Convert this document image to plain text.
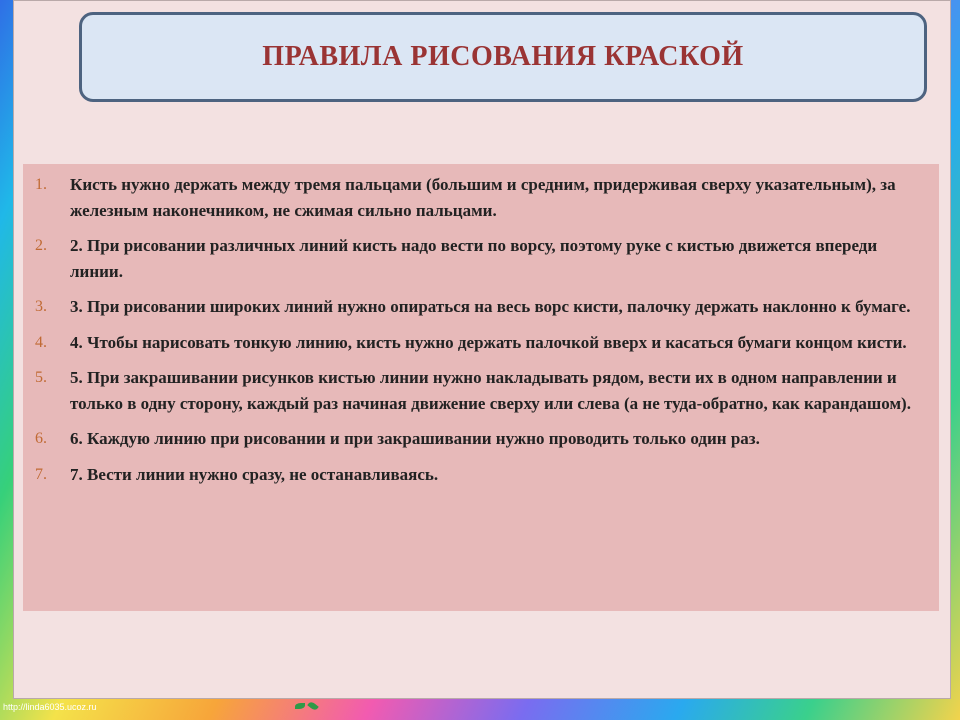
ПРАВИЛА РИСОВАНИЯ КРАСКОЙ
1.	Кисть нужно держать между тремя пальцами (большим и средним, придерживая сверху указательным), за железным наконечником, не сжимая сильно пальцами.
2.	2. При рисовании различных линий кисть надо вести по ворсу, поэтому руке с кистью движется впереди линии.
3.	3. При рисовании широких линий нужно опираться на весь ворс кисти, палочку держать наклонно к бумаге.
4.	4. Чтобы нарисовать тонкую линию, кисть нужно держать палочкой вверх и касаться бумаги концом кисти.
5.	5. При закрашивании рисунков кистью линии нужно накладывать рядом, вести их в одном направлении и только в одну сторону, каждый раз начиная движение сверху или слева (а не туда-обратно, как карандашом).
6.	6. Каждую линию при рисовании и при закрашивании нужно проводить только один раз.
7.	7. Вести линии нужно сразу, не останавливаясь.
http://linda6035.ucoz.ru
